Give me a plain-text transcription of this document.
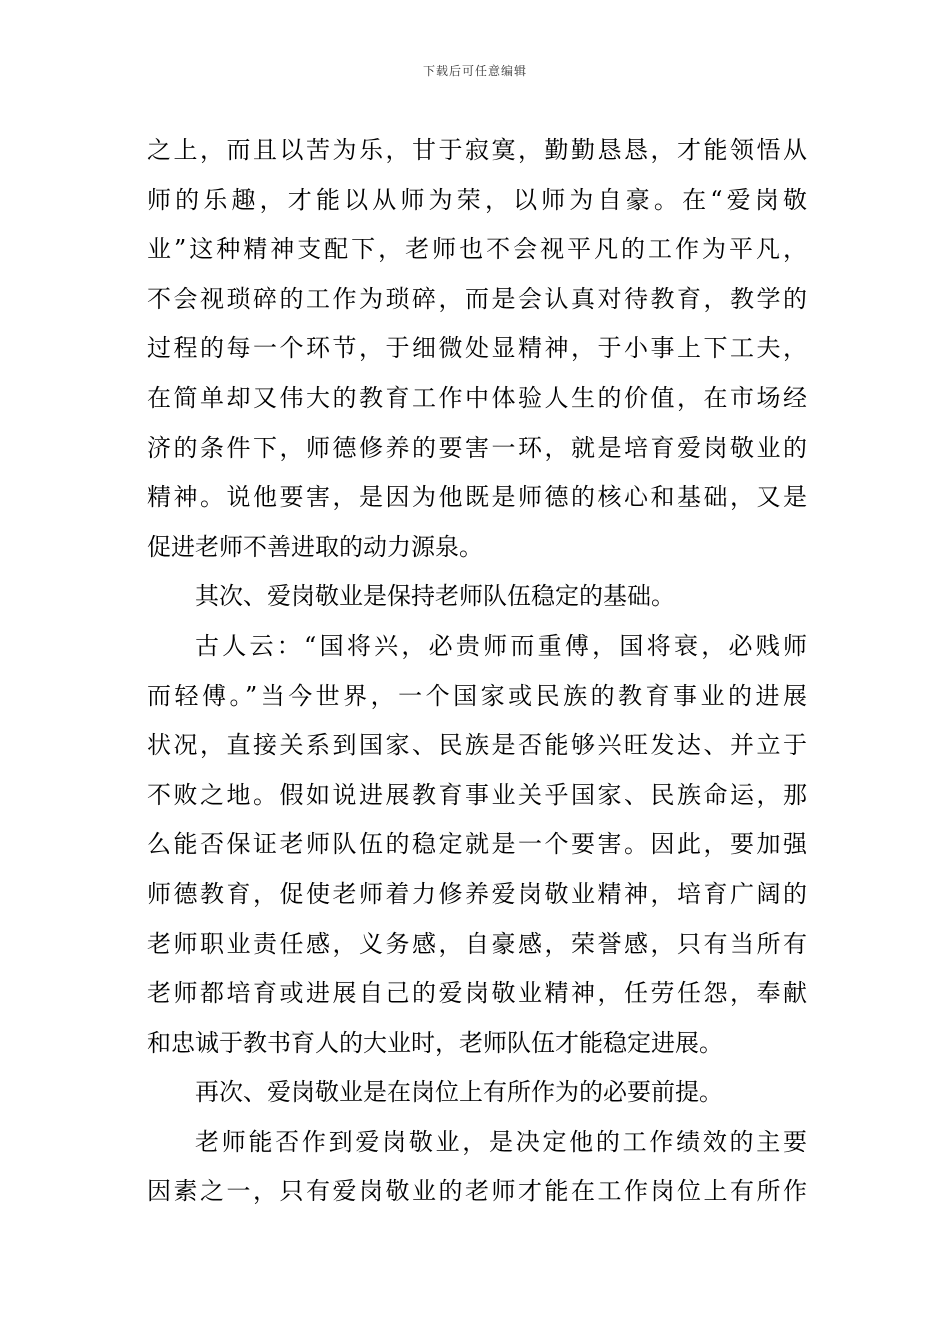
下载后可任意编辑
之上，而且以苦为乐，甘于寂寞，勤勤恳恳，才能领悟从
师的乐趣，才能以从师为荣，以师为自豪。在“爱岗敬
业”这种精神支配下，老师也不会视平凡的工作为平凡，
不会视琐碎的工作为琐碎，而是会认真对待教育，教学的
过程的每一个环节，于细微处显精神，于小事上下工夫，
在简单却又伟大的教育工作中体验人生的价值，在市场经
济的条件下，师德修养的要害一环，就是培育爱岗敬业的
精神。说他要害，是因为他既是师德的核心和基础，又是
促进老师不善进取的动力源泉。
其次、爱岗敬业是保持老师队伍稳定的基础。
古人云：“国将兴，必贵师而重傅，国将衰，必贱师
而轻傅。”当今世界，一个国家或民族的教育事业的进展
状况，直接关系到国家、民族是否能够兴旺发达、并立于
不败之地。假如说进展教育事业关乎国家、民族命运，那
么能否保证老师队伍的稳定就是一个要害。因此，要加强
师德教育，促使老师着力修养爱岗敬业精神，培育广阔的
老师职业责任感，义务感，自豪感，荣誉感，只有当所有
老师都培育或进展自己的爱岗敬业精神，任劳任怨，奉献
和忠诚于教书育人的大业时，老师队伍才能稳定进展。
再次、爱岗敬业是在岗位上有所作为的必要前提。
老师能否作到爱岗敬业，是决定他的工作绩效的主要
因素之一，只有爱岗敬业的老师才能在工作岗位上有所作
